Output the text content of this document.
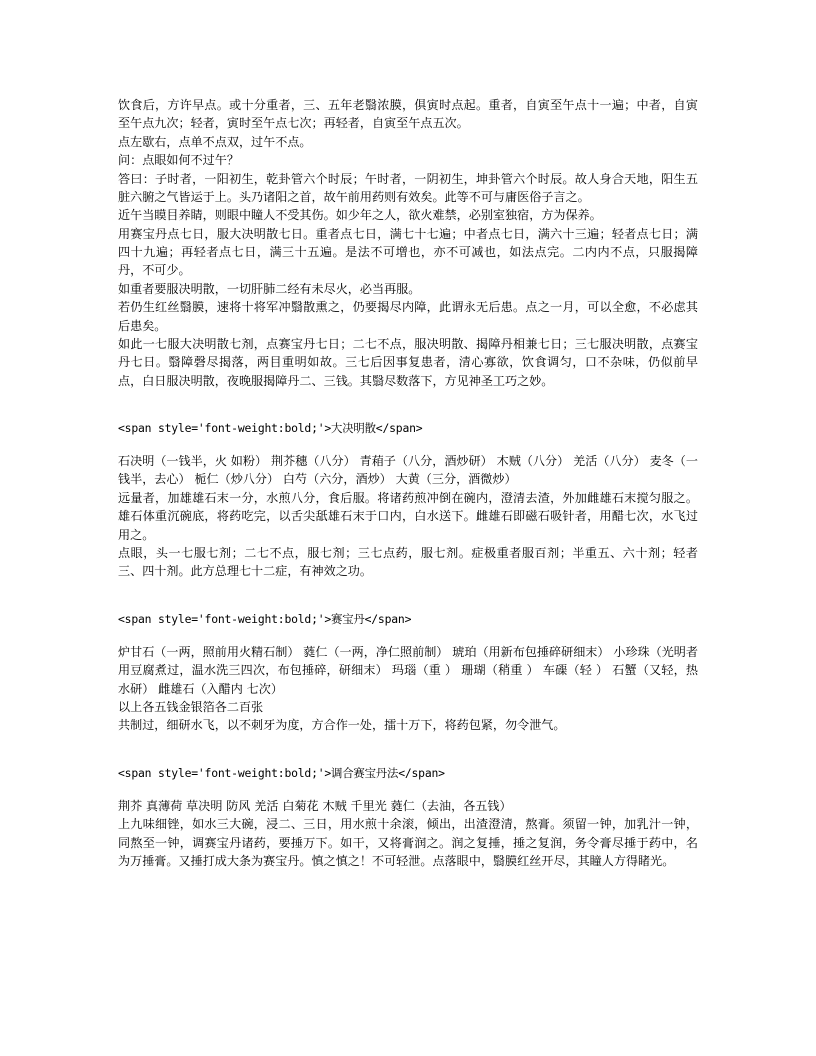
饮食后，方许早点。或十分重者，三、五年老翳浓膜，俱寅时点起。重者，自寅至午点十一遍；中者，自寅至午点九次；轻者，寅时至午点七次；再轻者，自寅至午点五次。

点左歇右，点单不点双，过午不点。

问：点眼如何不过午？

答曰：子时者，一阳初生，乾卦管六个时辰；午时者，一阴初生，坤卦管六个时辰。故人身合天地，阳生五脏六腑之气皆运于上。头乃诸阳之首，故午前用药则有效矣。此等不可与庸医俗子言之。

近午当瞙目养睛，则眼中瞳人不受其伤。如少年之人，欲火难禁，必别室独宿，方为保养。

用赛宝丹点七日，服大决明散七日。重者点七日，满七十七遍；中者点七日，满六十三遍；轻者点七日；满四十九遍；再轻者点七日，满三十五遍。是法不可增也，亦不可减也，如法点完。二内内不点，只服揭障丹，不可少。

如重者要服决明散，一切肝肺二经有未尽火，必当再服。

若仍生红丝翳膜，速将十将军冲翳散熏之，仍要揭尽内障，此谓永无后患。点之一月，可以全愈，不必虑其后患矣。

如此一七服大决明散七剂，点赛宝丹七日；二七不点，服决明散、揭障丹相兼七日；三七服决明散，点赛宝丹七日。翳障磬尽揭落，两目重明如故。三七后因事复患者，清心寡欲，饮食调匀，口不杂味，仍似前早点，白日服决明散，夜晚服揭障丹二、三钱。其翳尽数落下，方见神圣工巧之妙。

<span style='font-weight:bold;'>大决明散</span>

石决明（一钱半，火 如粉） 荆芥穗（八分） 青葙子（八分，酒炒研） 木贼（八分） 羌活（八分） 麦冬（一钱半，去心） 栀仁（炒八分） 白芍（六分，酒炒） 大黄（三分，酒微炒）

远量者，加雄雄石末一分，水煎八分，食后服。将诸药煎冲倒在碗内，澄清去渣，外加雌雄石末搅匀服之。雄石体重沉碗底，将药吃完，以舌尖舐雄石末于口内，白水送下。雌雄石即磁石吸针者，用醋七次，水飞过用之。

点眼，头一七服七剂；二七不点，服七剂；三七点药，服七剂。症极重者服百剂；半重五、六十剂；轻者三、四十剂。此方总理七十二症，有神效之功。

<span style='font-weight:bold;'>赛宝丹</span>

炉甘石（一两，照前用火精石制） 蕤仁（一两，净仁照前制） 琥珀（用新布包捶碎研细末） 小珍珠（光明者用豆腐煮过，温水洗三四次，布包捶碎，研细末） 玛瑙（重 ） 珊瑚（稍重 ） 车磲（轻 ） 石蟹（又轻，热水研） 雌雄石（入醋内 七次）

以上各五钱金银箔各二百张

共制过，细研水飞，以不刺牙为度，方合作一处，擂十万下，将药包紧，勿令泄气。

<span style='font-weight:bold;'>调合赛宝丹法</span>

荆芥 真薄荷 草决明 防风 羌活 白菊花 木贼 千里光 蕤仁（去油，各五钱）

上九味细锉，如水三大碗，浸二、三日，用水煎十余滚，倾出，出渣澄清，熬膏。须留一钟，加乳汁一钟，同熬至一钟，调赛宝丹诸药，要捶万下。如干，又将膏润之。润之复捶，捶之复润，务令膏尽捶于药中，名为万捶膏。又捶打成大条为赛宝丹。慎之慎之！不可轻泄。点落眼中，翳膜红丝开尽，其瞳人方得睹光。
